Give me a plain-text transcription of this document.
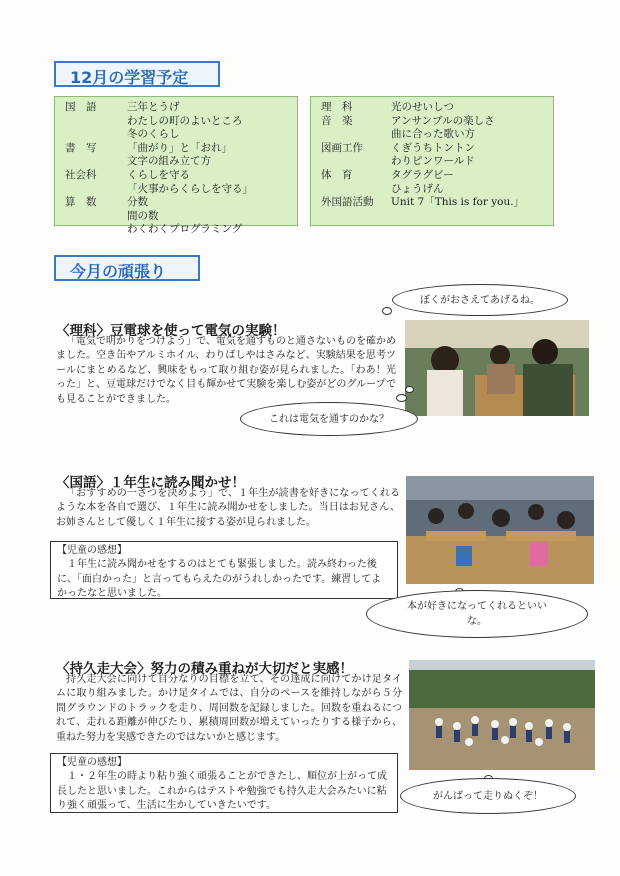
12月の学習予定
国　語	三年とうげ
わたしの町のよいところ
冬のくらし
書　写	「曲がり」と「おれ」
文字の組み立て方
社会科	くらしを守る
「火事からくらしを守る」
算　数	分数
間の数
わくわくプログラミング
理　科	光のせいしつ
音　楽	アンサンブルの楽しさ
曲に合った歌い方
図画工作	くぎうちトントン
わりピンワールド
体　育	タグラグビー
ひょうげん
外国語活動	Unit 7「This is for you.」
今月の頑張り
〈理科〉豆電球を使って電気の実験！
「電気で明かりをつけよう」で、電気を通すものと通さないものを確かめました。空き缶やアルミホイル、わりばしやはさみなど、実験結果を思考ツールにまとめるなど、興味をもって取り組む姿が見られました。「わあ！光った」と、豆電球だけでなく目も輝かせて実験を楽しむ姿がどのグループでも見ることができました。
ぼくがおさえてあげるね。
これは電気を通すのかな？
〈国語〉１年生に読み聞かせ！
「おすすめの一さつを決めよう」で、１年生が読書を好きになってくれるような本を各自で選び、１年生に読み聞かせをしました。当日はお兄さん、お姉さんとして優しく１年生に接する姿が見られました。
【児童の感想】
１年生に読み聞かせをするのはとても緊張しました。読み終わった後に、「面白かった」と言ってもらえたのがうれしかったです。練習してよかったなと思いました。
本が好きになってくれるといいな。
〈持久走大会〉努力の積み重ねが大切だと実感！
持久走大会に向けて自分なりの目標を立て、その達成に向けてかけ足タイムに取り組みました。かけ足タイムでは、自分のペースを維持しながら５分間グラウンドのトラックを走り、周回数を記録しました。回数を重ねるにつれて、走れる距離が伸びたり、累積周回数が増えていったりする様子から、重ねた努力を実感できたのではないかと感じます。
【児童の感想】
１・２年生の時より粘り強く頑張ることができたし、順位が上がって成長したと思いました。これからはテストや勉強でも持久走大会みたいに粘り強く頑張って、生活に生かしていきたいです。
がんばって走りぬくぞ！
